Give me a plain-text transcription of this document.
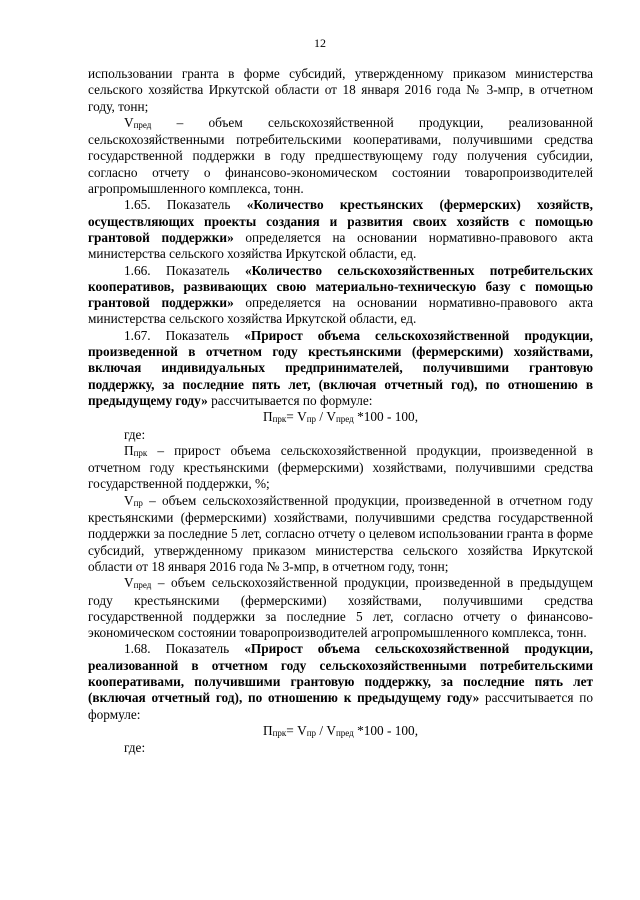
12

использовании гранта в форме субсидий, утвержденному приказом министерства сельского хозяйства Иркутской области от 18 января 2016 года № 3-мпр, в отчетном году, тонн;

$V_{пред}$ – объем сельскохозяйственной продукции, реализованной сельскохозяйственными потребительскими кооперативами, получившими средства государственной поддержки в году предшествующему году получения субсидии, согласно отчету о финансово-экономическом состоянии товаропроизводителей агропромышленного комплекса, тонн.

1.65. Показатель «Количество крестьянских (фермерских) хозяйств, осуществляющих проекты создания и развития своих хозяйств с помощью грантовой поддержки» определяется на основании нормативно-правового акта министерства сельского хозяйства Иркутской области, ед.

1.66. Показатель «Количество сельскохозяйственных потребительских кооперативов, развивающих свою материально-техническую базу с помощью грантовой поддержки» определяется на основании нормативно-правового акта министерства сельского хозяйства Иркутской области, ед.

1.67. Показатель «Прирост объема сельскохозяйственной продукции, произведенной в отчетном году крестьянскими (фермерскими) хозяйствами, включая индивидуальных предпринимателей, получившими грантовую поддержку, за последние пять лет, (включая отчетный год), по отношению в предыдущему году» рассчитывается по формуле:

$П_{прк}= V_{пр} / V_{пред}$ *100 - 100,

где:

$П_{прк}$ – прирост объема сельскохозяйственной продукции, произведенной в отчетном году крестьянскими (фермерскими) хозяйствами, получившими средства государственной поддержки, %;

$V_{пр}$ – объем сельскохозяйственной продукции, произведенной в отчетном году крестьянскими (фермерскими) хозяйствами, получившими средства государственной поддержки за последние 5 лет, согласно отчету о целевом использовании гранта в форме субсидий, утвержденному приказом министерства сельского хозяйства Иркутской области от 18 января 2016 года № 3-мпр, в отчетном году, тонн;

$V_{пред}$ – объем сельскохозяйственной продукции, произведенной в предыдущем году крестьянскими (фермерскими) хозяйствами, получившими средства государственной поддержки за последние 5 лет, согласно отчету о финансово-экономическом состоянии товаропроизводителей агропромышленного комплекса, тонн.

1.68. Показатель «Прирост объема сельскохозяйственной продукции, реализованной в отчетном году сельскохозяйственными потребительскими кооперативами, получившими грантовую поддержку, за последние пять лет (включая отчетный год), по отношению к предыдущему году» рассчитывается по формуле:

$П_{прк}= V_{пр} / V_{пред}$ *100 - 100,

где:
